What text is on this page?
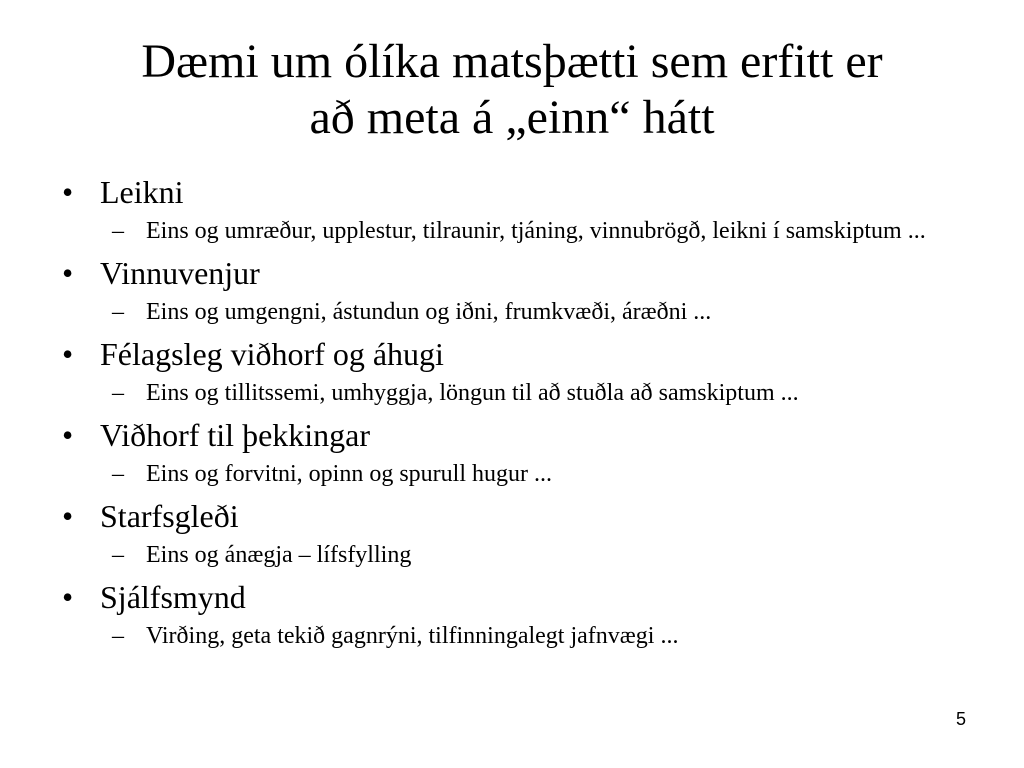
Dæmi um ólíka matsþætti sem erfitt er
að meta á „einn“ hátt
• Leikni
– Eins og umræður, upplestur, tilraunir, tjáning, vinnubrögð, leikni í samskiptum ...
• Vinnuvenjur
– Eins og umgengni, ástundun og iðni, frumkvæði, áræðni ...
• Félagsleg viðhorf og áhugi
– Eins og tillitssemi, umhyggja, löngun til að stuðla að samskiptum ...
• Viðhorf til þekkingar
– Eins og forvitni, opinn og spurull hugur ...
• Starfsgleði
– Eins og ánægja – lífsfylling
• Sjálfsmynd
– Virðing, geta tekið gagnrýni, tilfinningalegt jafnvægi ...
5
